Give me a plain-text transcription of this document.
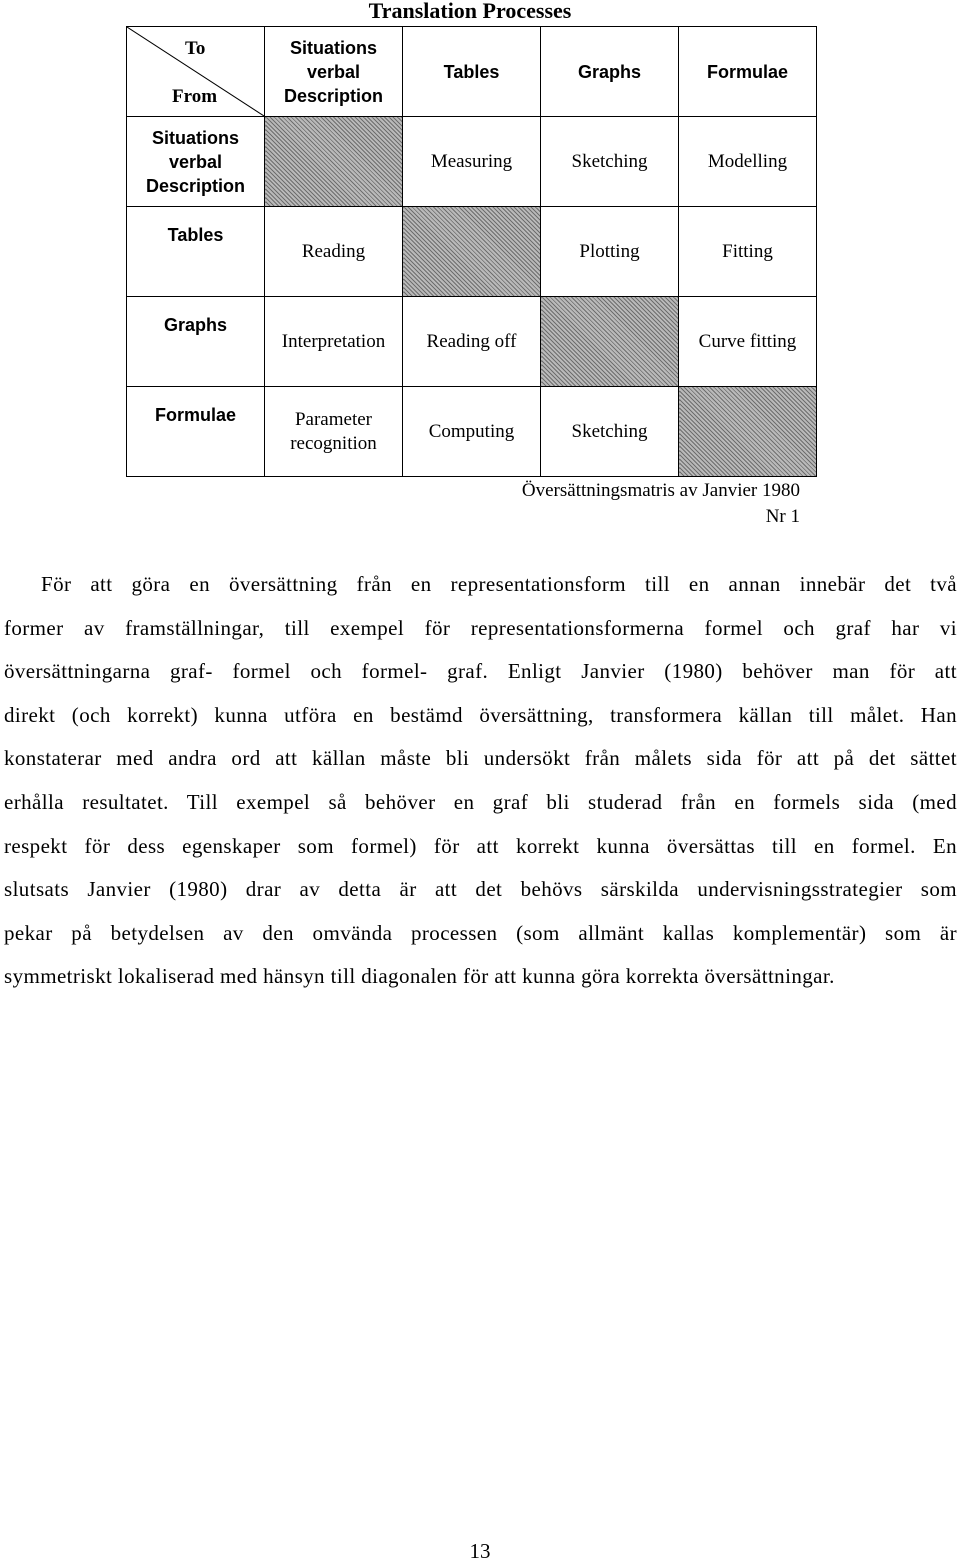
Translation Processes
To
From	Situations verbal Description	Tables	Graphs	Formulae
Situations verbal Description		Measuring	Sketching	Modelling
Tables	Reading		Plotting	Fitting
Graphs	Interpretation	Reading off		Curve fitting
Formulae	Parameter recognition	Computing	Sketching	
Översättningsmatris av Janvier 1980
Nr 1
För att göra en översättning från en representationsform till en annan innebär det två
former av framställningar, till exempel för representationsformerna formel och graf har vi
översättningarna graf- formel och formel- graf. Enligt Janvier (1980) behöver man för att
direkt (och korrekt) kunna utföra en bestämd översättning, transformera källan till målet. Han
konstaterar med andra ord att källan måste bli undersökt från målets sida för att på det sättet
erhålla resultatet. Till exempel så behöver en graf bli studerad från en formels sida (med
respekt för dess egenskaper som formel) för att korrekt kunna översättas till en formel. En
slutsats Janvier (1980) drar av detta är att det behövs särskilda undervisningsstrategier som
pekar på betydelsen av den omvända processen (som allmänt kallas komplementär) som är
symmetriskt lokaliserad med hänsyn till diagonalen för att kunna göra korrekta översättningar.
13
